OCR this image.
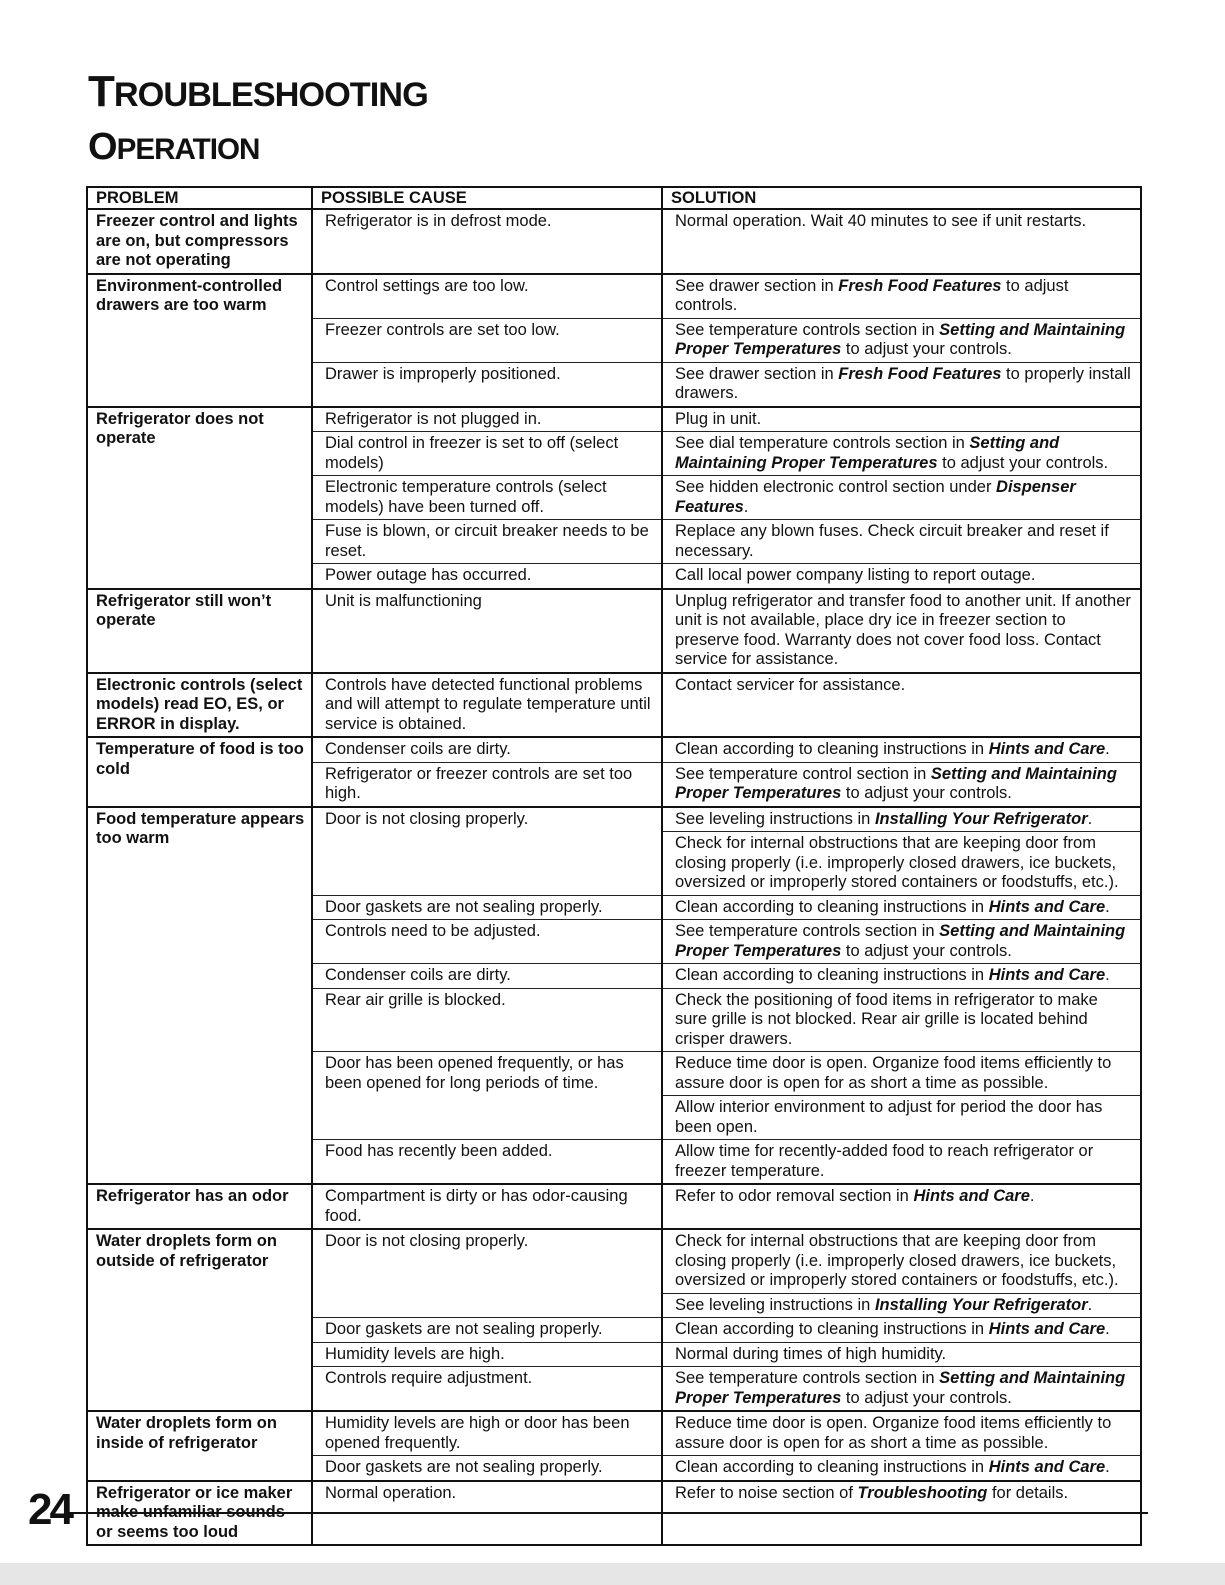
TROUBLESHOOTING
OPERATION
PROBLEM	POSSIBLE CAUSE	SOLUTION
Freezer control and lights are on, but compressors are not operating	Refrigerator is in defrost mode.	Normal operation. Wait 40 minutes to see if unit restarts.
Environment-controlled drawers are too warm	Control settings are too low.	See drawer section in Fresh Food Features to adjust controls.
	Freezer controls are set too low.	See temperature controls section in Setting and Maintaining Proper Temperatures to adjust your controls.
	Drawer is improperly positioned.	See drawer section in Fresh Food Features to properly install drawers.
Refrigerator does not operate	Refrigerator is not plugged in.	Plug in unit.
	Dial control in freezer is set to off (select models)	See dial temperature controls section in Setting and Maintaining Proper Temperatures to adjust your controls.
	Electronic temperature controls (select models) have been turned off.	See hidden electronic control section under Dispenser Features.
	Fuse is blown, or circuit breaker needs to be reset.	Replace any blown fuses. Check circuit breaker and reset if necessary.
	Power outage has occurred.	Call local power company listing to report outage.
Refrigerator still won’t operate	Unit is malfunctioning	Unplug refrigerator and transfer food to another unit. If another unit is not available, place dry ice in freezer section to preserve food. Warranty does not cover food loss. Contact service for assistance.
Electronic controls (select models) read EO, ES, or ERROR in display.	Controls have detected functional problems and will attempt to regulate temperature until service is obtained.	Contact servicer for assistance.
Temperature of food is too cold	Condenser coils are dirty.	Clean according to cleaning instructions in Hints and Care.
	Refrigerator or freezer controls are set too high.	See temperature control section in Setting and Maintaining Proper Temperatures to adjust your controls.
Food temperature appears too warm	Door is not closing properly.	See leveling instructions in Installing Your Refrigerator.
		Check for internal obstructions that are keeping door from closing properly (i.e. improperly closed drawers, ice buckets, oversized or improperly stored containers or foodstuffs, etc.).
	Door gaskets are not sealing properly.	Clean according to cleaning instructions in Hints and Care.
	Controls need to be adjusted.	See temperature controls section in Setting and Maintaining Proper Temperatures to adjust your controls.
	Condenser coils are dirty.	Clean according to cleaning instructions in Hints and Care.
	Rear air grille is blocked.	Check the positioning of food items in refrigerator to make sure grille is not blocked. Rear air grille is located behind crisper drawers.
	Door has been opened frequently, or has been opened for long periods of time.	Reduce time door is open. Organize food items efficiently to assure door is open for as short a time as possible.
		Allow interior environment to adjust for period the door has been open.
	Food has recently been added.	Allow time for recently-added food to reach refrigerator or freezer temperature.
Refrigerator has an odor	Compartment is dirty or has odor-causing food.	Refer to odor removal section in Hints and Care.
Water droplets form on outside of refrigerator	Door is not closing properly.	Check for internal obstructions that are keeping door from closing properly (i.e. improperly closed drawers, ice buckets, oversized or improperly stored containers or foodstuffs, etc.).
		See leveling instructions in Installing Your Refrigerator.
	Door gaskets are not sealing properly.	Clean according to cleaning instructions in Hints and Care.
	Humidity levels are high.	Normal during times of high humidity.
	Controls require adjustment.	See temperature controls section in Setting and Maintaining Proper Temperatures to adjust your controls.
Water droplets form on inside of refrigerator	Humidity levels are high or door has been opened frequently.	Reduce time door is open. Organize food items efficiently to assure door is open for as short a time as possible.
	Door gaskets are not sealing properly.	Clean according to cleaning instructions in Hints and Care.
Refrigerator or ice maker make unfamiliar sounds or seems too loud	Normal operation.	Refer to noise section of Troubleshooting for details.
24
